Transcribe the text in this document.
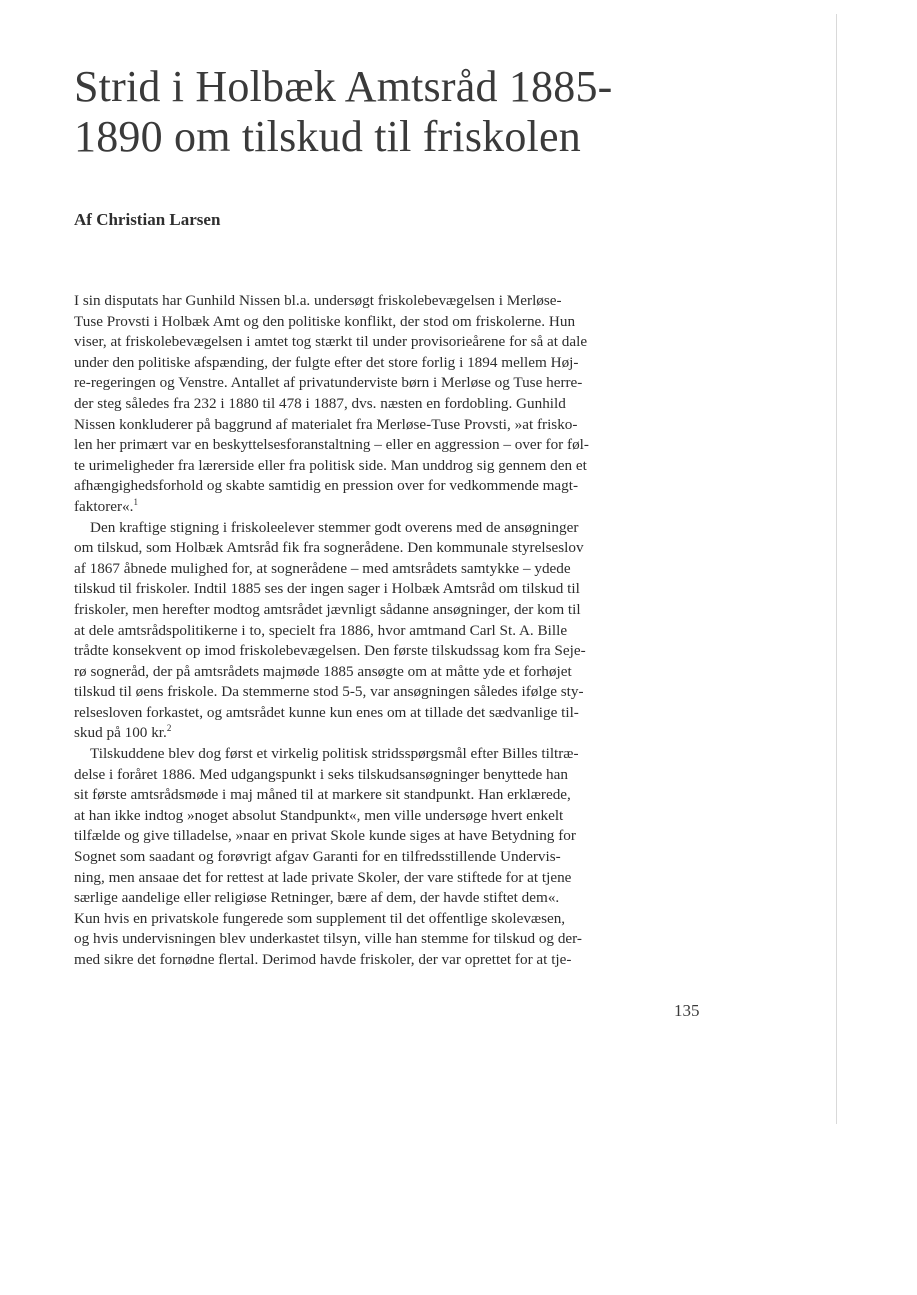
Strid i Holbæk Amtsråd 1885-
1890 om tilskud til friskolen

Af Christian Larsen

I sin disputats har Gunhild Nissen bl.a. undersøgt friskolebevægelsen i Merløse-
Tuse Provsti i Holbæk Amt og den politiske konflikt, der stod om friskolerne. Hun
viser, at friskolebevægelsen i amtet tog stærkt til under provisorieårene for så at dale
under den politiske afspænding, der fulgte efter det store forlig i 1894 mellem Høj-
re-regeringen og Venstre. Antallet af privatunderviste børn i Merløse og Tuse herre-
der steg således fra 232 i 1880 til 478 i 1887, dvs. næsten en fordobling. Gunhild
Nissen konkluderer på baggrund af materialet fra Merløse-Tuse Provsti, »at frisko-
len her primært var en beskyttelsesforanstaltning – eller en aggression – over for føl-
te urimeligheder fra lærerside eller fra politisk side. Man unddrog sig gennem den et
afhængighedsforhold og skabte samtidig en pression over for vedkommende magt-
faktorer«.$^1$
Den kraftige stigning i friskoleelever stemmer godt overens med de ansøgninger
om tilskud, som Holbæk Amtsråd fik fra sognerådene. Den kommunale styrelseslov
af 1867 åbnede mulighed for, at sognerådene – med amtsrådets samtykke – ydede
tilskud til friskoler. Indtil 1885 ses der ingen sager i Holbæk Amtsråd om tilskud til
friskoler, men herefter modtog amtsrådet jævnligt sådanne ansøgninger, der kom til
at dele amtsrådspolitikerne i to, specielt fra 1886, hvor amtmand Carl St. A. Bille
trådte konsekvent op imod friskolebevægelsen. Den første tilskudssag kom fra Seje-
rø sogneråd, der på amtsrådets majmøde 1885 ansøgte om at måtte yde et forhøjet
tilskud til øens friskole. Da stemmerne stod 5-5, var ansøgningen således ifølge sty-
relsesloven forkastet, og amtsrådet kunne kun enes om at tillade det sædvanlige til-
skud på 100 kr.$^2$
Tilskuddene blev dog først et virkelig politisk stridsspørgsmål efter Billes tiltræ-
delse i foråret 1886. Med udgangspunkt i seks tilskudsansøgninger benyttede han
sit første amtsrådsmøde i maj måned til at markere sit standpunkt. Han erklærede,
at han ikke indtog »noget absolut Standpunkt«, men ville undersøge hvert enkelt
tilfælde og give tilladelse, »naar en privat Skole kunde siges at have Betydning for
Sognet som saadant og forøvrigt afgav Garanti for en tilfredsstillende Undervis-
ning, men ansaae det for rettest at lade private Skoler, der vare stiftede for at tjene
særlige aandelige eller religiøse Retninger, bære af dem, der havde stiftet dem«.
Kun hvis en privatskole fungerede som supplement til det offentlige skolevæsen,
og hvis undervisningen blev underkastet tilsyn, ville han stemme for tilskud og der-
med sikre det fornødne flertal. Derimod havde friskoler, der var oprettet for at tje-

135
